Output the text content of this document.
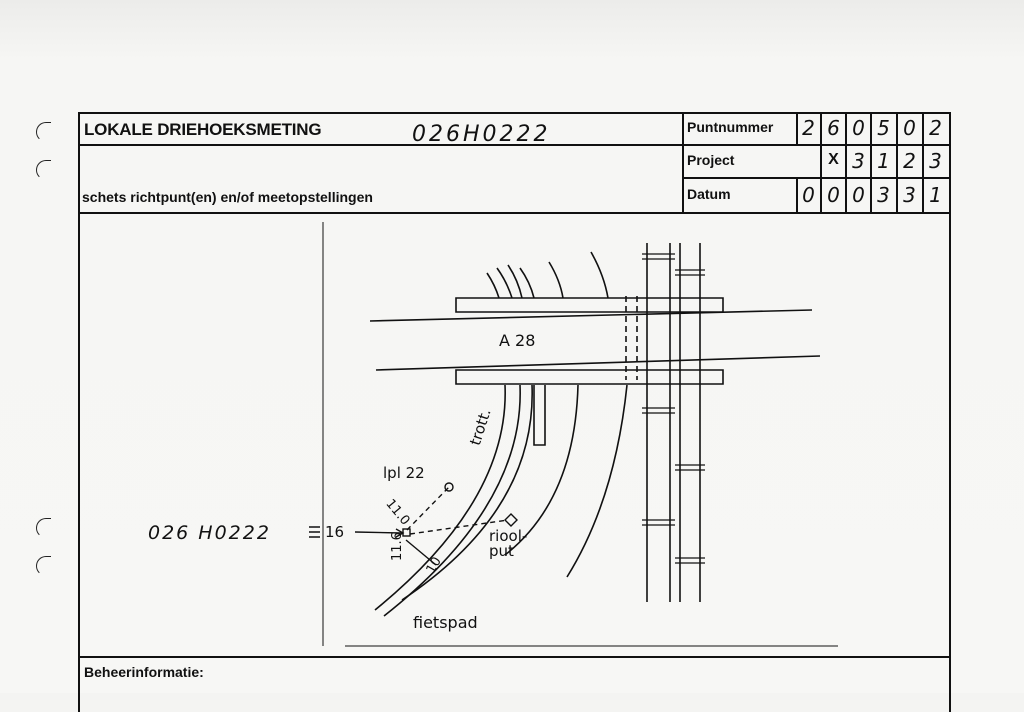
LOKALE DRIEHOEKSMETING	026H0222
schets richtpunt(en) en/of meetopstellingen
Puntnummer
Project
Datum
2 6 0 5 0 2
X 3 1 2 3
0 0 0 3 3 1
A 28
trott.
lpl 22
riool-
put
fietspad
026 H0222	16
11.0
11.6
10
Beheerinformatie:
